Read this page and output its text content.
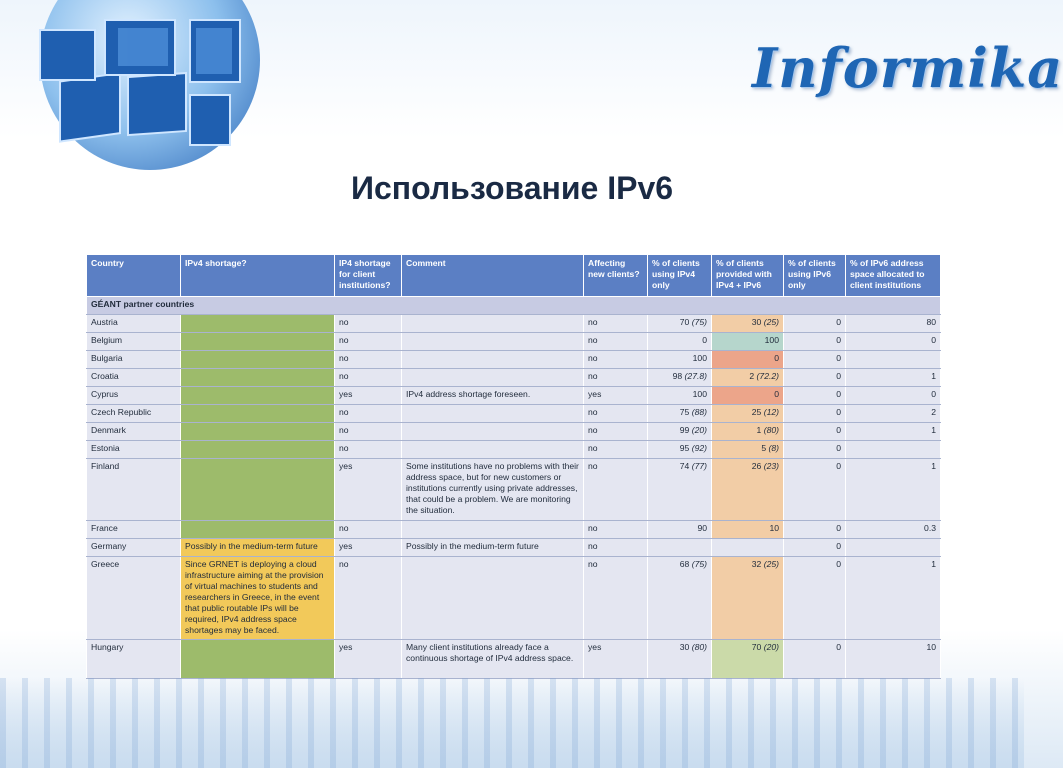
Informika
Использование IPv6
Country	IPv4 shortage?	IP4 shortage for client institutions?	Comment	Affecting new clients?	% of clients using IPv4 only	% of clients provided with IPv4 + IPv6	% of clients using IPv6 only	% of IPv6 address space allocated to client institutions
GÉANT partner countries								
Austria		no		no	70 (75)	30 (25)	0	80
Belgium		no		no	0	100	0	0
Bulgaria		no		no	100	0	0	
Croatia		no		no	98 (27.8)	2 (72.2)	0	1
Cyprus		yes	IPv4 address shortage foreseen.	yes	100	0	0	0
Czech Republic		no		no	75 (88)	25 (12)	0	2
Denmark		no		no	99 (20)	1 (80)	0	1
Estonia		no		no	95 (92)	5 (8)	0	
Finland		yes	Some institutions have no problems with their address space, but for new customers or institutions currently using private addresses, that could be a problem. We are monitoring the situation.	no	74 (77)	26 (23)	0	1
France		no		no	90	10	0	0.3
Germany	Possibly in the medium-term future	yes	Possibly in the medium-term future	no			0	
Greece	Since GRNET is deploying a cloud infrastructure aiming at the provision of virtual machines to students and researchers in Greece, in the event that public routable IPs will be required, IPv4 address space shortages may be faced.	no		no	68 (75)	32 (25)	0	1
Hungary		yes	Many client institutions already face a continuous shortage of IPv4 address space.	yes	30 (80)	70 (20)	0	10
